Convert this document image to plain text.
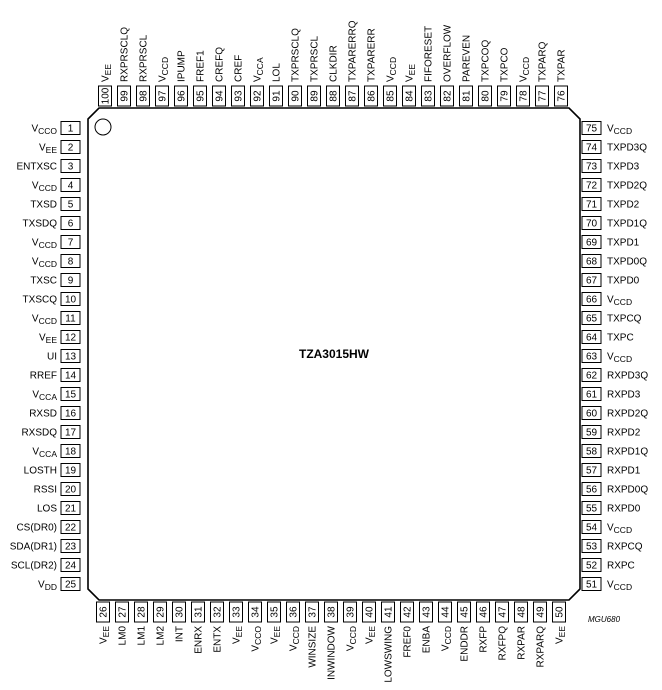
TZA3015HW
MGU680
1
$V_{CCO}$
2
$V_{EE}$
3
ENTXSC
4
$V_{CCD}$
5
TXSD
6
TXSDQ
7
$V_{CCD}$
8
$V_{CCD}$
9
TXSC
10
TXSCQ
11
$V_{CCD}$
12
$V_{EE}$
13
UI
14
RREF
15
$V_{CCA}$
16
RXSD
17
RXSDQ
18
$V_{CCA}$
19
LOSTH
20
RSSI
21
LOS
22
CS(DR0)
23
SDA(DR1)
24
SCL(DR2)
25
$V_{DD}$	51 $V_{CCD}$
52 RXPC
53 RXPCQ
54 $V_{CCD}$
55 RXPD0
56 RXPD0Q
57 RXPD1
58 RXPD1Q
59 RXPD2
60 RXPD2Q
61 RXPD3
62 RXPD3Q
63 $V_{CCD}$
64 TXPC
65 TXPCQ
66 $V_{CCD}$
67 TXPD0
68 TXPD0Q
69 TXPD1
70 TXPD1Q
71 TXPD2
72 TXPD2Q
73 TXPD3
74 TXPD3Q
75 $V_{CCD}$
26
$V_{EE}$
27
LM0
28
LM1
29
LM2
30
INT
31
ENRX
32
ENTX
33
$V_{EE}$
34
$V_{CCO}$
35
$V_{EE}$
36
$V_{CCD}$
37
WINSIZE
38
INWINDOW
39
$V_{CCD}$
40
$V_{EE}$
41
LOWSWING
42
FREF0
43
ENBA
44
$V_{CCD}$
45
ENDDR
46
RXFP
47
RXFPQ
48
RXPAR
49
RXPARQ
50
$V_{EE}$
76
TXPAR
77
TXPARQ
78
$V_{CCD}$
79
TXPCO
80
TXPCOQ
81
PAREVEN
82
OVERFLOW
83
FIFORESET
84
$V_{EE}$
85
$V_{CCD}$
86
TXPARERR
87
TXPARERRQ
88
CLKDIR
89
TXPRSCL
90
TXPRSCLQ
91
LOL
92
$V_{CCA}$
93
CREF
94
CREFQ
95
FREF1
96
IPUMP
97
$V_{CCD}$
98
RXPRSCL
99
RXPRSCLQ
100
$V_{EE}$
